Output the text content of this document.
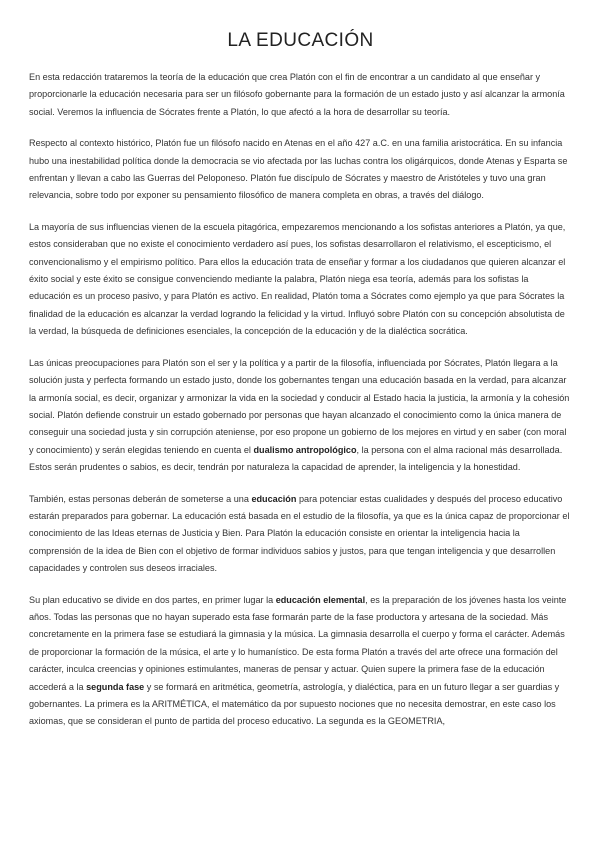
LA EDUCACIÓN

En esta redacción trataremos la teoría de la educación que crea Platón con el fin de encontrar a un candidato al que enseñar y proporcionarle la educación necesaria para ser un filósofo gobernante para la formación de un estado justo y así alcanzar la armonía social. Veremos la influencia de Sócrates frente a Platón, lo que afectó a la hora de desarrollar su teoría.

Respecto al contexto histórico, Platón fue un filósofo nacido en Atenas en el año 427 a.C. en una familia aristocrática. En su infancia hubo una inestabilidad política donde la democracia se vio afectada por las luchas contra los oligárquicos, donde Atenas y Esparta se enfrentan y llevan a cabo las Guerras del Peloponeso. Platón fue discípulo de Sócrates y maestro de Aristóteles y tuvo una gran relevancia, sobre todo por exponer su pensamiento filosófico de manera completa en obras, a través del diálogo.

La mayoría de sus influencias vienen de la escuela pitagórica, empezaremos mencionando a los sofistas anteriores a Platón, ya que, estos consideraban que no existe el conocimiento verdadero así pues, los sofistas desarrollaron el relativismo, el escepticismo, el convencionalismo y el empirismo político. Para ellos la educación trata de enseñar y formar a los ciudadanos que quieren alcanzar el éxito social y este éxito se consigue convenciendo mediante la palabra, Platón niega esa teoría, además para los sofistas la educación es un proceso pasivo, y para Platón es activo. En realidad, Platón toma a Sócrates como ejemplo ya que para Sócrates la finalidad de la educación es alcanzar la verdad logrando la felicidad y la virtud. Influyó sobre Platón con su concepción absolutista de la verdad, la búsqueda de definiciones esenciales, la concepción de la educación y de la dialéctica socrática.

Las únicas preocupaciones para Platón son el ser y la política y a partir de la filosofía, influenciada por Sócrates, Platón llegara a la solución justa y perfecta formando un estado justo, donde los gobernantes tengan una educación basada en la verdad, para alcanzar la armonía social, es decir, organizar y armonizar la vida en la sociedad y conducir al Estado hacia la justicia, la armonía y la cohesión social. Platón defiende construir un estado gobernado por personas que hayan alcanzado el conocimiento como la única manera de conseguir una sociedad justa y sin corrupción ateniense, por eso propone un gobierno de los mejores en virtud y en saber (con moral y conocimiento) y serán elegidas teniendo en cuenta el dualismo antropológico, la persona con el alma racional más desarrollada. Estos serán prudentes o sabios, es decir, tendrán por naturaleza la capacidad de aprender, la inteligencia y la honestidad.

También, estas personas deberán de someterse a una educación para potenciar estas cualidades y después del proceso educativo estarán preparados para gobernar. La educación está basada en el estudio de la filosofía, ya que es la única capaz de proporcionar el conocimiento de las Ideas eternas de Justicia y Bien. Para Platón la educación consiste en orientar la inteligencia hacia la comprensión de la idea de Bien con el objetivo de formar individuos sabios y justos, para que tengan inteligencia y que desarrollen capacidades y controlen sus deseos irraciales.

Su plan educativo se divide en dos partes, en primer lugar la educación elemental, es la preparación de los jóvenes hasta los veinte años. Todas las personas que no hayan superado esta fase formarán parte de la fase productora y artesana de la sociedad. Más concretamente en la primera fase se estudiará la gimnasia y la música. La gimnasia desarrolla el cuerpo y forma el carácter. Además de proporcionar la formación de la música, el arte y lo humanístico. De esta forma Platón a través del arte ofrece una formación del carácter, inculca creencias y opiniones estimulantes, maneras de pensar y actuar. Quien supere la primera fase de la educación accederá a la segunda fase y se formará en aritmética, geometría, astrología, y dialéctica, para en un futuro llegar a ser guardias y gobernantes. La primera es la ARITMÉTICA, el matemático da por supuesto nociones que no necesita demostrar, en este caso los axiomas, que se consideran el punto de partida del proceso educativo. La segunda es la GEOMETRIA,
